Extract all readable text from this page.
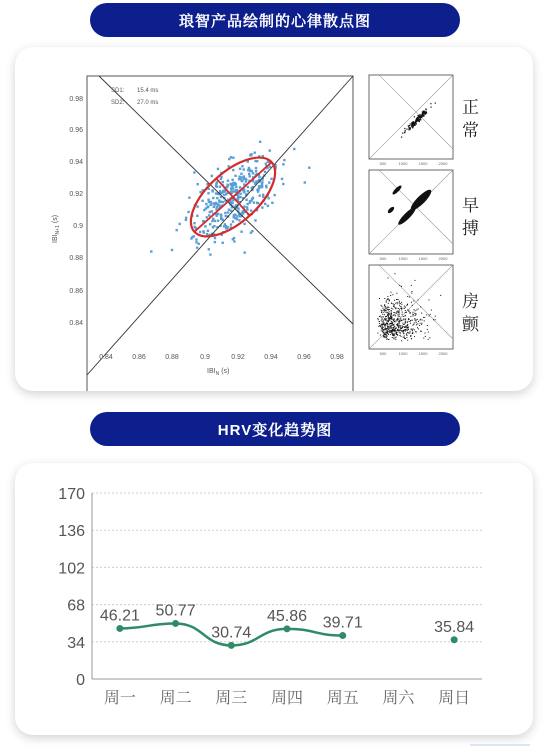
琅智产品绘制的心律散点图
SD1: 15.4 ms
SD2: 27.0 ms
0.98
0.96
0.94
0.92
0.9
0.88
0.86
0.84
0.84	0.86	0.88	0.9	0.92	0.94	0.96	0.98
$IBI_N$ (s)
$IBI_{N+1}(s)$
500	1000	1500	2000
500	1000	1500	2000
500	1000	1500	2000
正常
早搏
房颤
HRV变化趋势图
0
34
68
102
136
170
周一 周二 周三 周四 周五 周六 周日
46.21 50.77
30.74
45.86 39.71	35.84
